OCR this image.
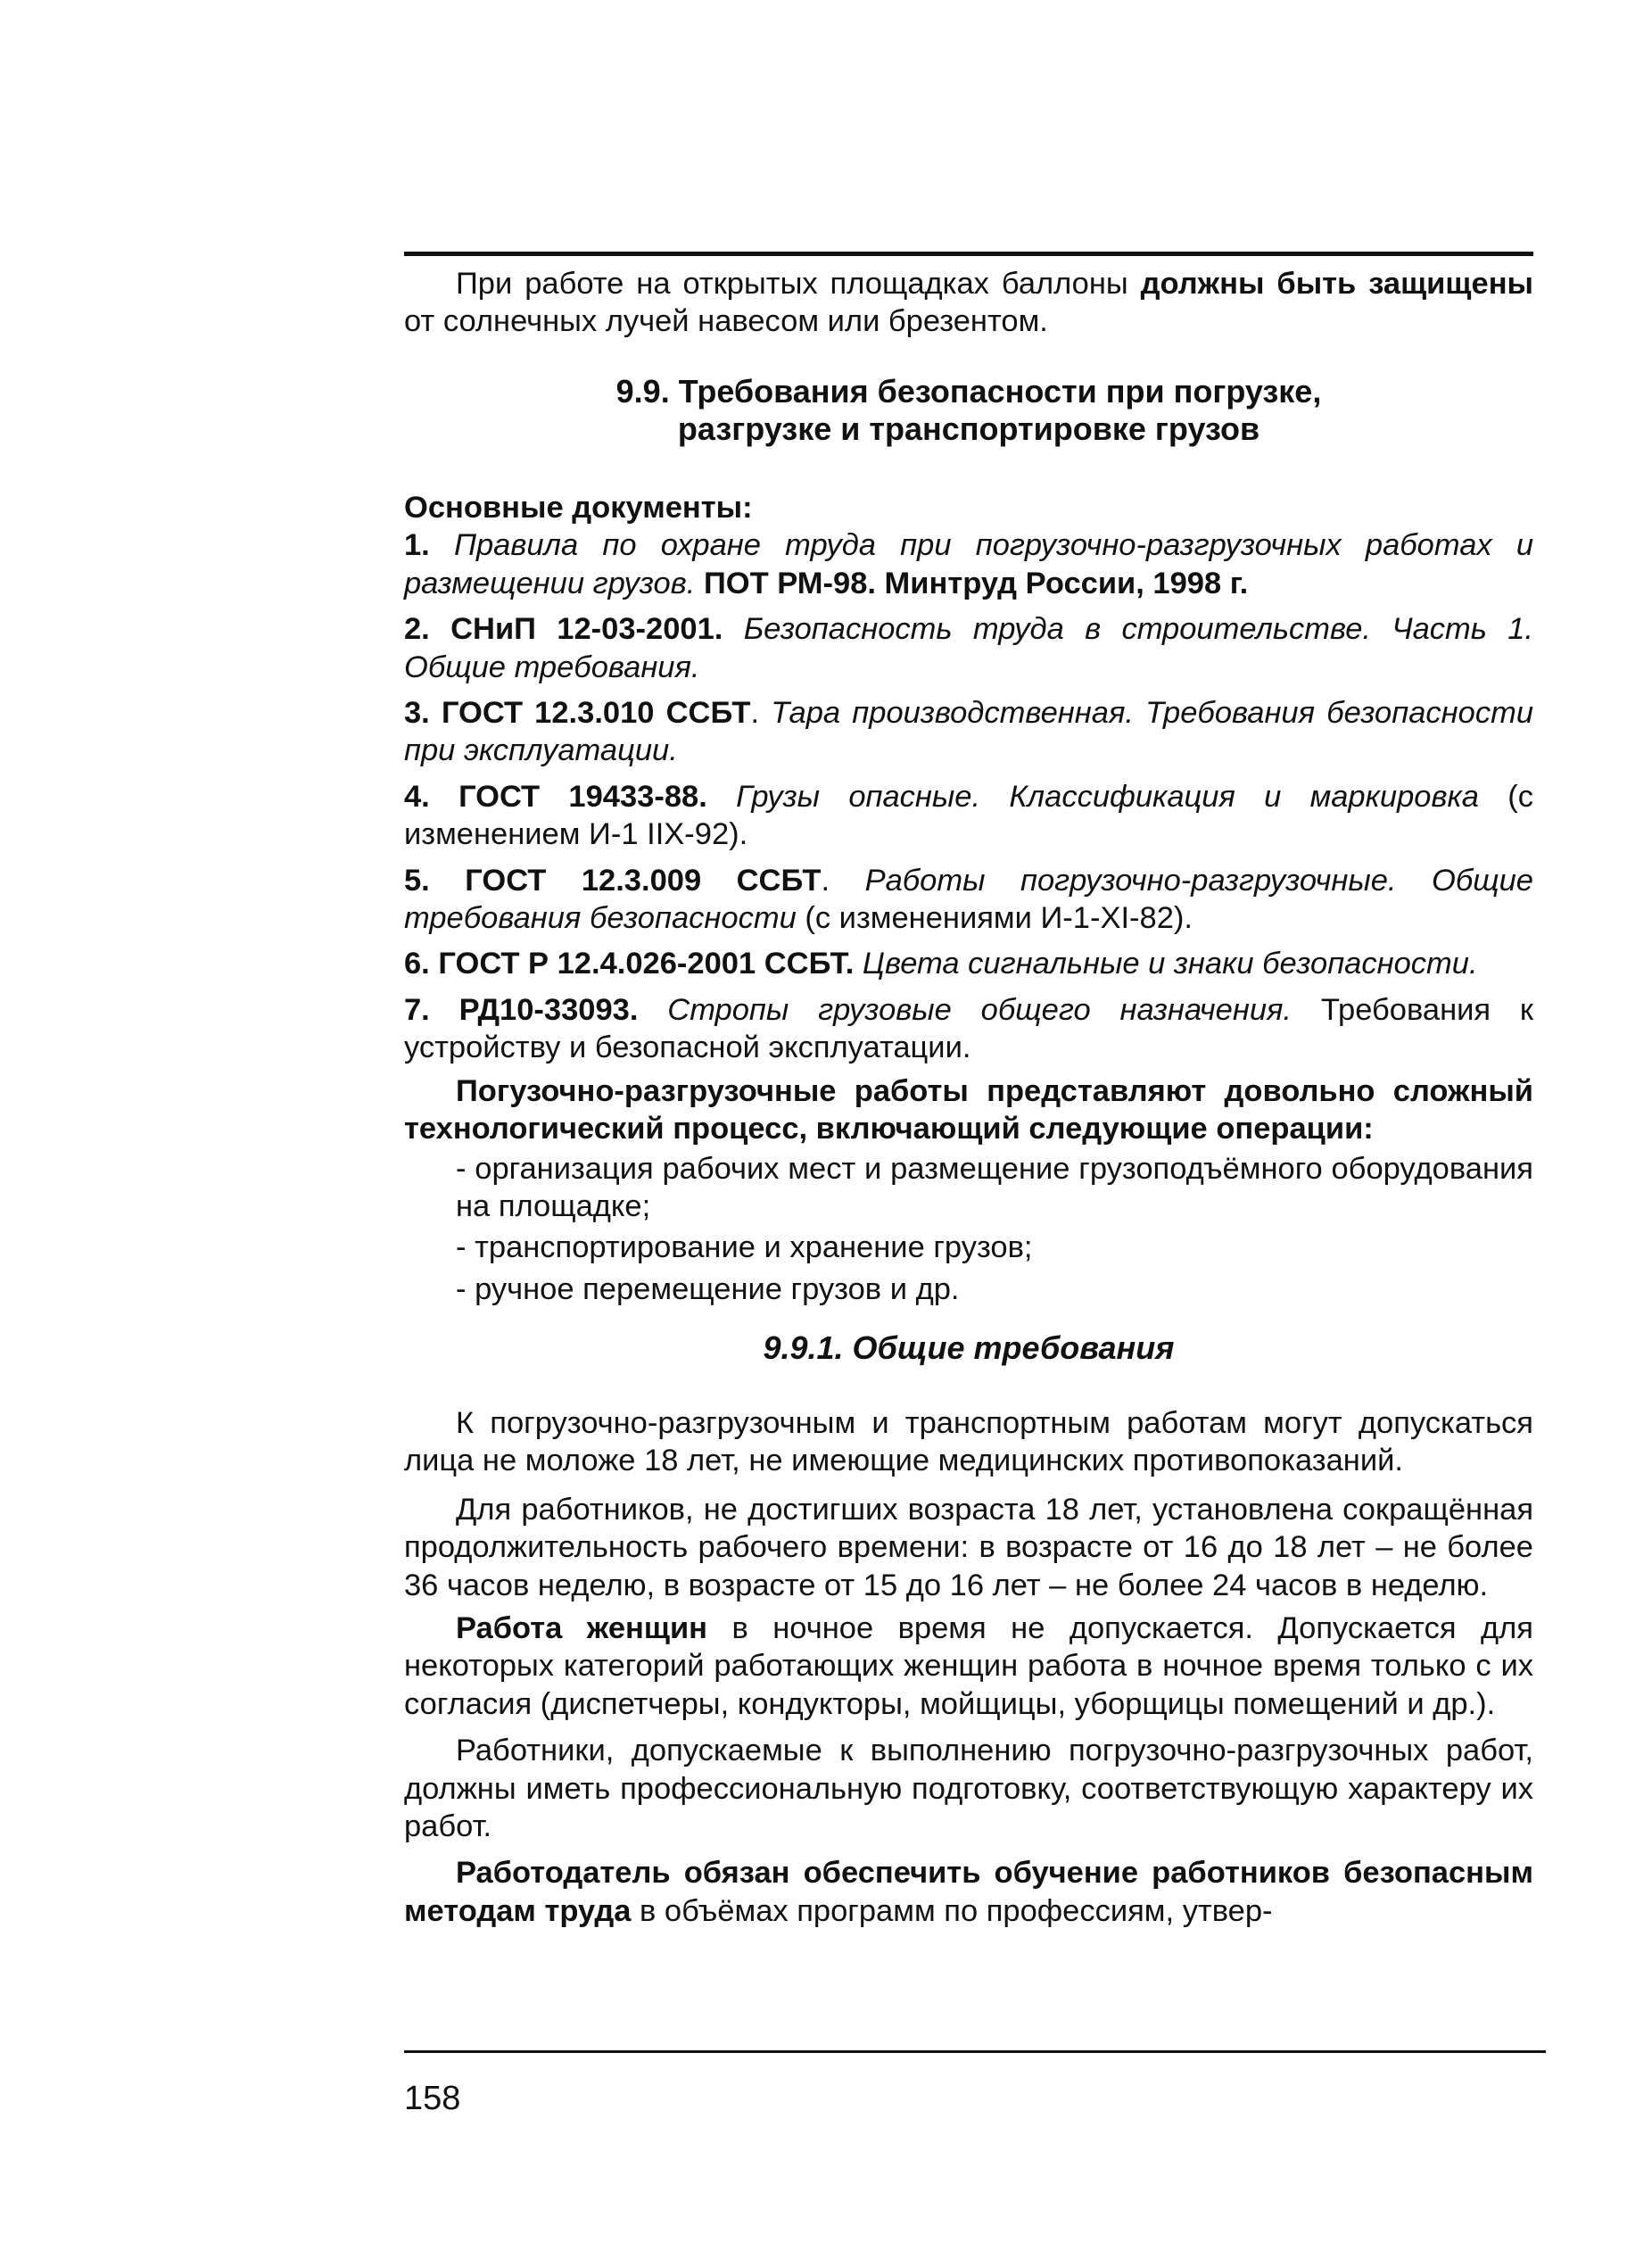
При работе на открытых площадках баллоны должны быть защищены от солнечных лучей навесом или брезентом.

9.9. Требования безопасности при погрузке,
разгрузке и транспортировке грузов

Основные документы:

1. Правила по охране труда при погрузочно-разгрузочных работах и размещении грузов. ПОТ РМ-98. Минтруд России, 1998 г.

2. СНиП 12-03-2001. Безопасность труда в строительстве. Часть 1. Общие требования.

3. ГОСТ 12.3.010 ССБТ. Тара производственная. Требования безопасности при эксплуатации.

4. ГОСТ 19433-88. Грузы опасные. Классификация и маркировка (с изменением И-1 IIX-92).

5. ГОСТ 12.3.009 ССБТ. Работы погрузочно-разгрузочные. Общие требования безопасности (с изменениями И-1-XI-82).

6. ГОСТ Р 12.4.026-2001 ССБТ. Цвета сигнальные и знаки безопасности.

7. РД10-33093. Стропы грузовые общего назначения. Требования к устройству и безопасной эксплуатации.

Погузочно-разгрузочные работы представляют довольно сложный технологический процесс, включающий следующие операции:

- организация рабочих мест и размещение грузоподъёмного оборудования на площадке;

- транспортирование и хранение грузов;

- ручное перемещение грузов и др.

9.9.1. Общие требования

К погрузочно-разгрузочным и транспортным работам могут допускаться лица не моложе 18 лет, не имеющие медицинских противопоказаний.

Для работников, не достигших возраста 18 лет, установлена сокращённая продолжительность рабочего времени: в возрасте от 16 до 18 лет – не более 36 часов неделю, в возрасте от 15 до 16 лет – не более 24 часов в неделю.

Работа женщин в ночное время не допускается. Допускается для некоторых категорий работающих женщин работа в ночное время только с их согласия (диспетчеры, кондукторы, мойщицы, уборщицы помещений и др.).

Работники, допускаемые к выполнению погрузочно-разгрузочных работ, должны иметь профессиональную подготовку, соответствующую характеру их работ.

Работодатель обязан обеспечить обучение работников безопасным методам труда в объёмах программ по профессиям, утвер-

158
